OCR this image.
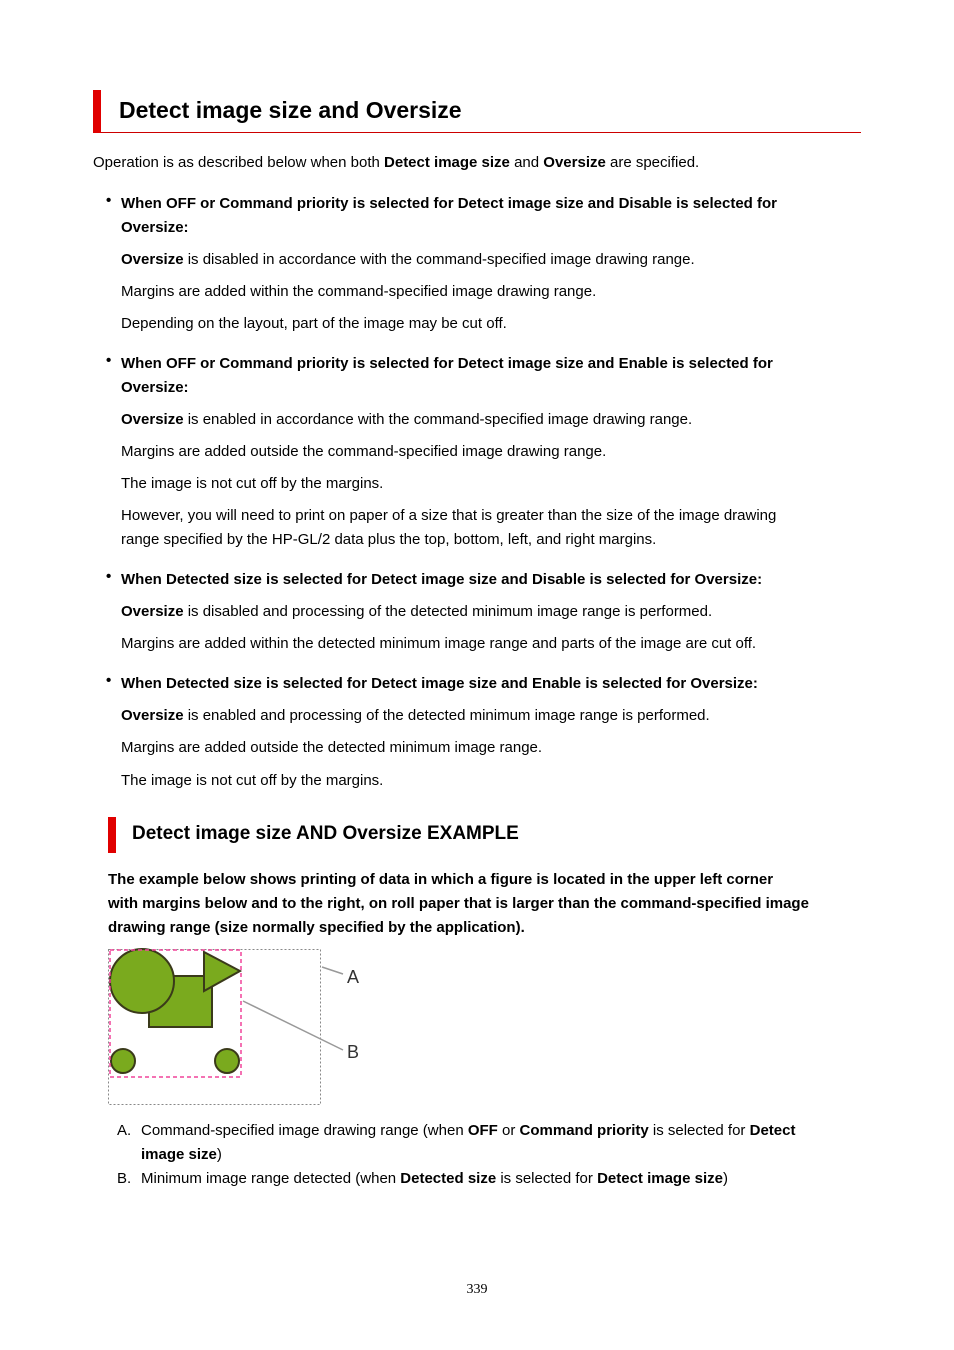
Detect image size and Oversize
Operation is as described below when both Detect image size and Oversize are specified.
• When OFF or Command priority is selected for Detect image size and Disable is selected for
Oversize:
Oversize is disabled in accordance with the command-specified image drawing range.
Margins are added within the command-specified image drawing range.
Depending on the layout, part of the image may be cut off.
• When OFF or Command priority is selected for Detect image size and Enable is selected for
Oversize:
Oversize is enabled in accordance with the command-specified image drawing range.
Margins are added outside the command-specified image drawing range.
The image is not cut off by the margins.
However, you will need to print on paper of a size that is greater than the size of the image drawing
range specified by the HP-GL/2 data plus the top, bottom, left, and right margins.
• When Detected size is selected for Detect image size and Disable is selected for Oversize:
Oversize is disabled and processing of the detected minimum image range is performed.
Margins are added within the detected minimum image range and parts of the image are cut off.
• When Detected size is selected for Detect image size and Enable is selected for Oversize:
Oversize is enabled and processing of the detected minimum image range is performed.
Margins are added outside the detected minimum image range.
The image is not cut off by the margins.
Detect image size AND Oversize EXAMPLE
The example below shows printing of data in which a figure is located in the upper left corner
with margins below and to the right, on roll paper that is larger than the command-specified image
drawing range (size normally specified by the application).
A
B
A. Command-specified image drawing range (when OFF or Command priority is selected for Detect
image size)
B. Minimum image range detected (when Detected size is selected for Detect image size)
339
